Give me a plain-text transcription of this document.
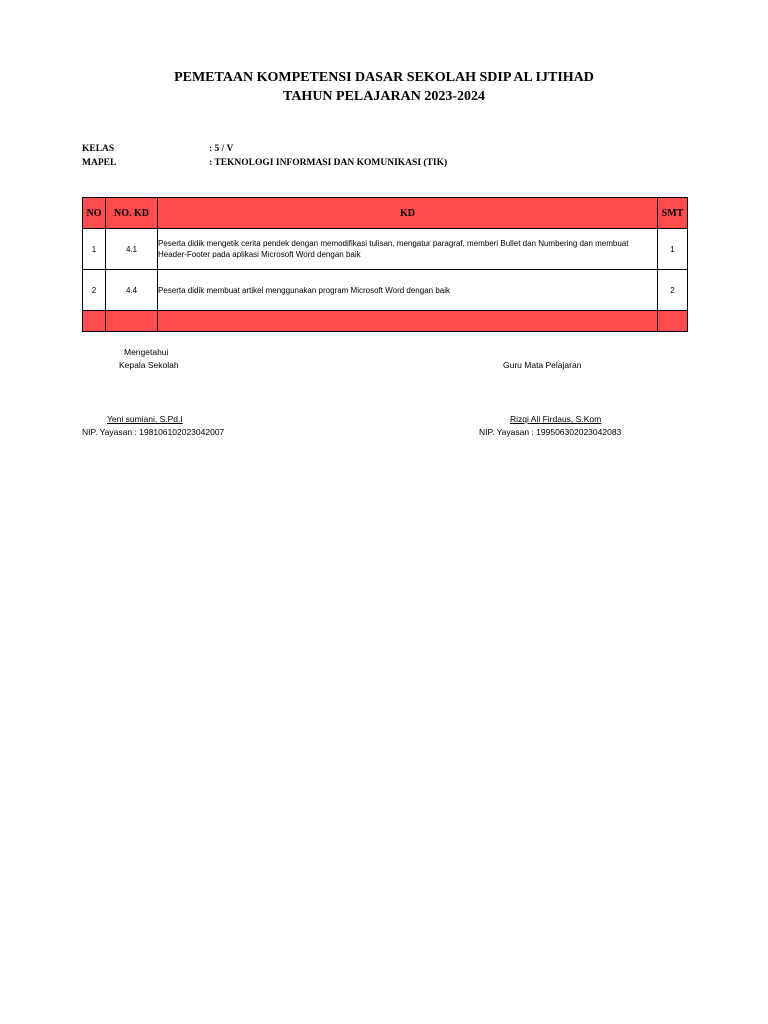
PEMETAAN KOMPETENSI DASAR SEKOLAH SDIP AL IJTIHAD
TAHUN PELAJARAN 2023-2024
KELAS	: 5 / V
MAPEL	: TEKNOLOGI INFORMASI DAN KOMUNIKASI (TIK)
NO	NO. KD	KD	SMT
1	4.1	Peserta didik mengetik cerita pendek dengan memodifikasi tulisan, mengatur paragraf, memberi Bullet dan Numbering dan membuat Header-Footer pada aplikasi Microsoft Word dengan baik	1
2	4.4	Peserta didik membuat artikel menggunakan program Microsoft Word dengan baik	2

Mengetahui
Kepala Sekolah	Guru Mata Pelajaran
Yeni sumiani, S.Pd.I
NIP. Yayasan : 198106102023042007
Rizqi Ali Firdaus, S.Kom
NIP. Yayasan : 199506302023042083
